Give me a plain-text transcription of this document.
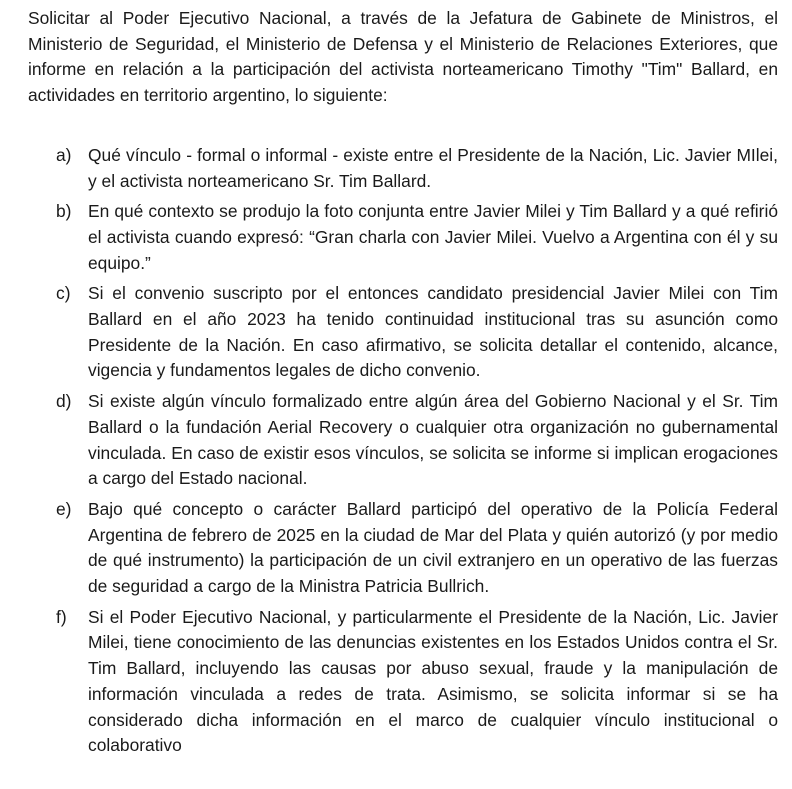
Solicitar al Poder Ejecutivo Nacional, a través de la Jefatura de Gabinete de Ministros, el Ministerio de Seguridad, el Ministerio de Defensa y el Ministerio de Relaciones Exteriores, que informe en relación a la participación del activista norteamericano Timothy "Tim" Ballard, en actividades en territorio argentino, lo siguiente:

a) Qué vínculo - formal o informal - existe entre el Presidente de la Nación, Lic. Javier MIlei, y el activista norteamericano Sr. Tim Ballard.

b) En qué contexto se produjo la foto conjunta entre Javier Milei y Tim Ballard y a qué refirió el activista cuando expresó: “Gran charla con Javier Milei. Vuelvo a Argentina con él y su equipo.”

c)	Si el convenio suscripto por el entonces candidato presidencial Javier Milei con Tim Ballard en el año 2023 ha tenido continuidad institucional tras su asunción como Presidente de la Nación. En caso afirmativo, se solicita detallar el contenido, alcance, vigencia y fundamentos legales de dicho convenio.

d) Si existe algún vínculo formalizado entre algún área del Gobierno Nacional y el Sr. Tim Ballard o la fundación Aerial Recovery o cualquier otra organización no gubernamental vinculada. En caso de existir esos vínculos, se solicita se informe si implican erogaciones a cargo del Estado nacional.

e) Bajo qué concepto o carácter Ballard participó del operativo de la Policía Federal Argentina de febrero de 2025 en la ciudad de Mar del Plata y quién autorizó (y por medio de qué instrumento) la participación de un civil extranjero en un operativo de las fuerzas de seguridad a cargo de la Ministra Patricia Bullrich.

f)	Si el Poder Ejecutivo Nacional, y particularmente el Presidente de la Nación, Lic. Javier Milei, tiene conocimiento de las denuncias existentes en los Estados Unidos contra el Sr. Tim Ballard, incluyendo las causas por abuso sexual, fraude y la manipulación de información vinculada a redes de trata. Asimismo, se solicita informar si se ha considerado dicha información en el marco de cualquier vínculo institucional o colaborativo
